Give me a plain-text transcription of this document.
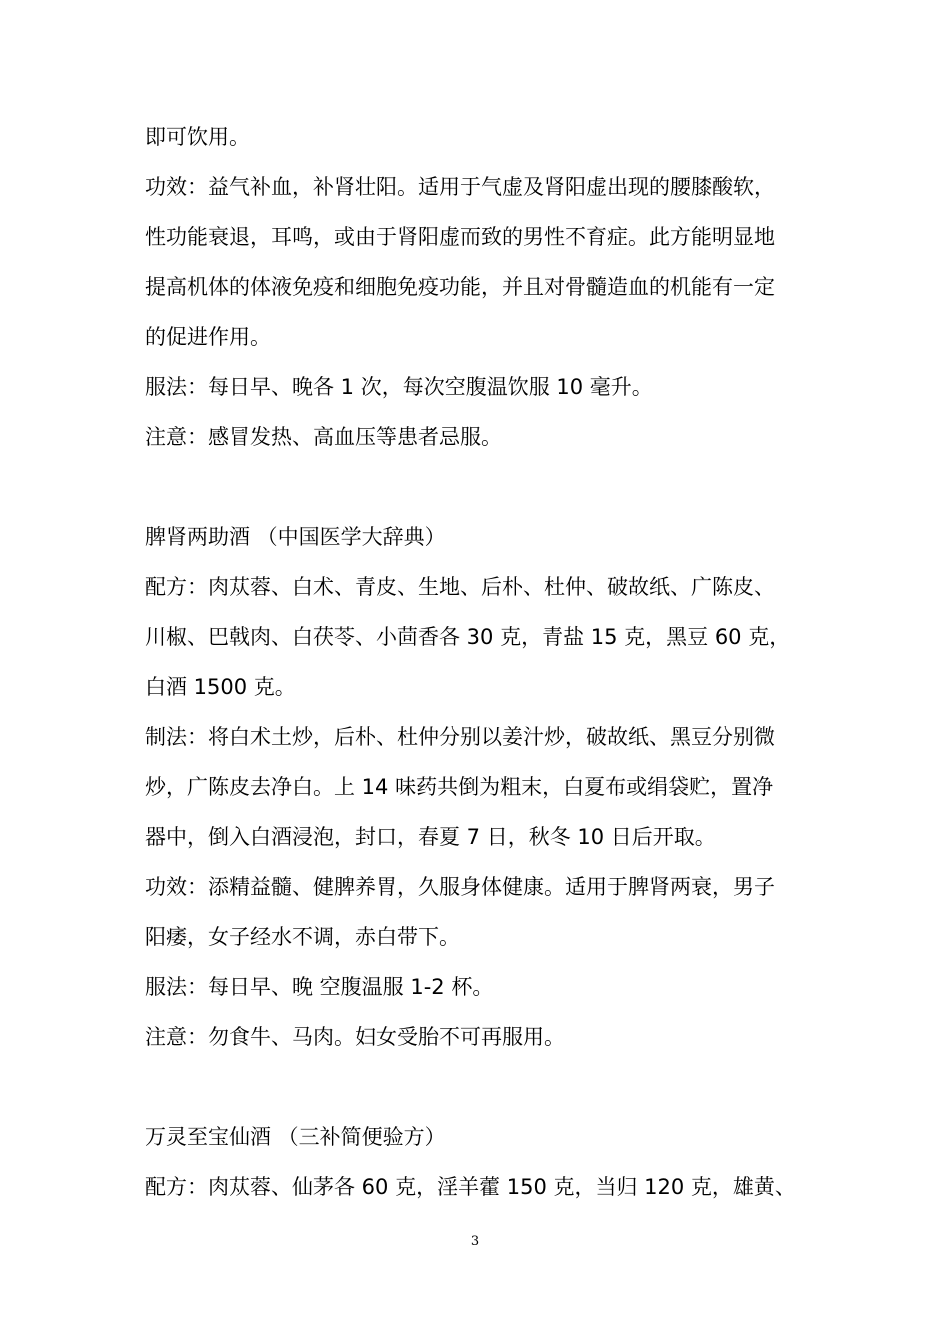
即可饮用。
功效：益气补血，补肾壮阳。适用于气虚及肾阳虚出现的腰膝酸软，
性功能衰退，耳鸣，或由于肾阳虚而致的男性不育症。此方能明显地
提高机体的体液免疫和细胞免疫功能，并且对骨髓造血的机能有一定
的促进作用。
服法：每日早、晚各 1 次，每次空腹温饮服 10 毫升。
注意：感冒发热、高血压等患者忌服。
脾肾两助酒 （中国医学大辞典）
配方：肉苁蓉、白术、青皮、生地、后朴、杜仲、破故纸、广陈皮、
川椒、巴戟肉、白茯苓、小茴香各 30 克，青盐 15 克，黑豆 60 克，
白酒 1500 克。
制法：将白术土炒，后朴、杜仲分别以姜汁炒，破故纸、黑豆分别微
炒，广陈皮去净白。上 14 味药共倒为粗末，白夏布或绢袋贮，置净
器中，倒入白酒浸泡，封口，春夏 7 日，秋冬 10 日后开取。
功效：添精益髓、健脾养胃，久服身体健康。适用于脾肾两衰，男子
阳痿，女子经水不调，赤白带下。
服法：每日早、晚 空腹温服 1-2 杯。
注意：勿食牛、马肉。妇女受胎不可再服用。
万灵至宝仙酒 （三补简便验方）
配方：肉苁蓉、仙茅各 60 克，淫羊藿 150 克，当归 120 克，雄黄、
3
